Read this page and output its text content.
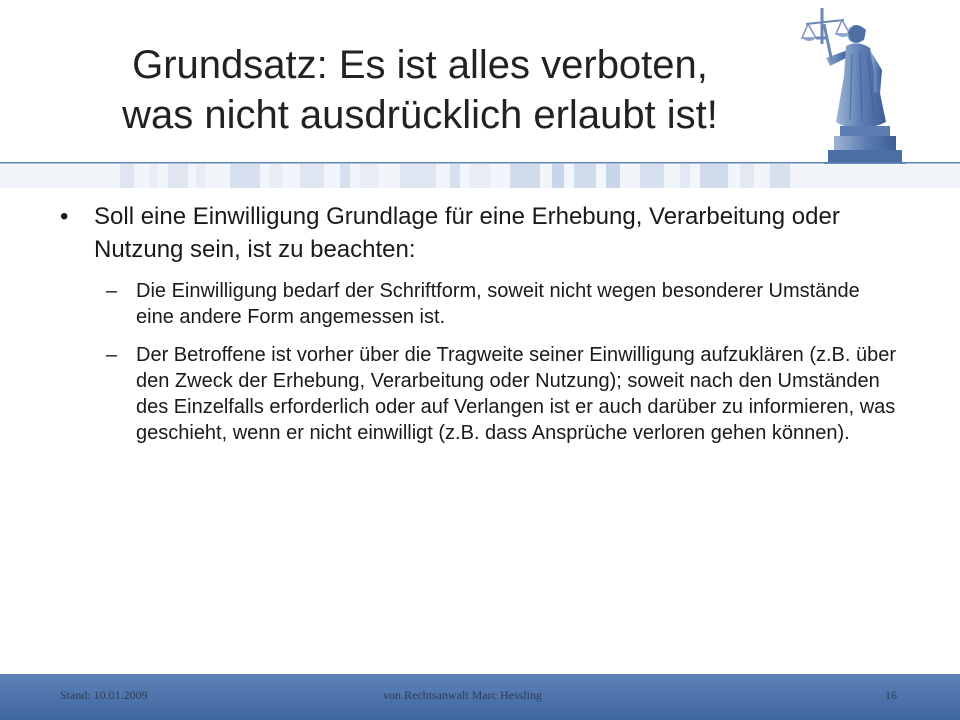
Grundsatz: Es ist alles verboten,
was nicht ausdrücklich erlaubt ist!
• Soll eine Einwilligung Grundlage für eine Erhebung, Verarbeitung oder Nutzung sein, ist zu beachten:
– Die Einwilligung bedarf der Schriftform, soweit nicht wegen besonderer Umstände eine andere Form angemessen ist.
– Der Betroffene ist vorher über die Tragweite seiner Einwilligung aufzuklären (z.B. über den Zweck der Erhebung, Verarbeitung oder Nutzung); soweit nach den Umständen des Einzelfalls erforderlich oder auf Verlangen ist er auch darüber zu informieren, was geschieht, wenn er nicht einwilligt (z.B. dass Ansprüche verloren gehen können).
Stand: 10.01.2009	von Rechtsanwalt Marc Hessling	16
